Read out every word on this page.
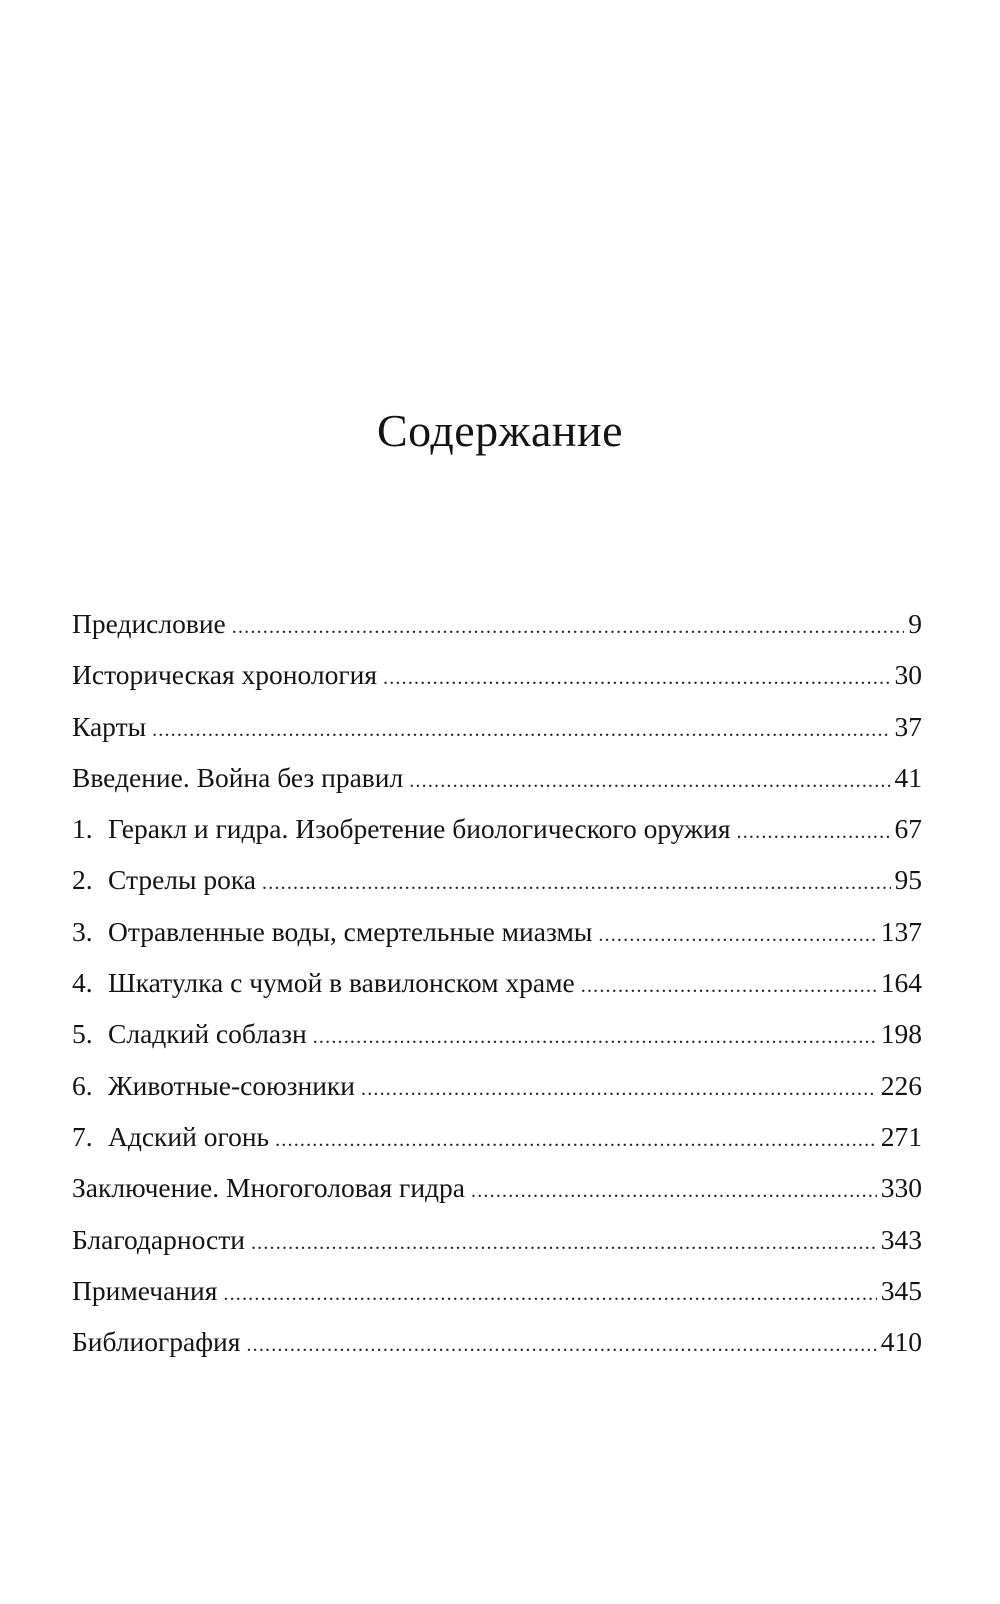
Содержание
Предисловие .....	9
Историческая хронология .....	30
Карты .....	37
Введение. Война без правил .....	41
1. Геракл и гидра. Изобретение биологического оружия .....	67
2. Стрелы рока .....	95
3. Отравленные воды, смертельные миазмы .....	137
4. Шкатулка с чумой в вавилонском храме .....	164
5. Сладкий соблазн .....	198
6. Животные-союзники .....	226
7. Адский огонь .....	271
Заключение. Многоголовая гидра .....	330
Благодарности .....	343
Примечания .....	345
Библиография .....	410
